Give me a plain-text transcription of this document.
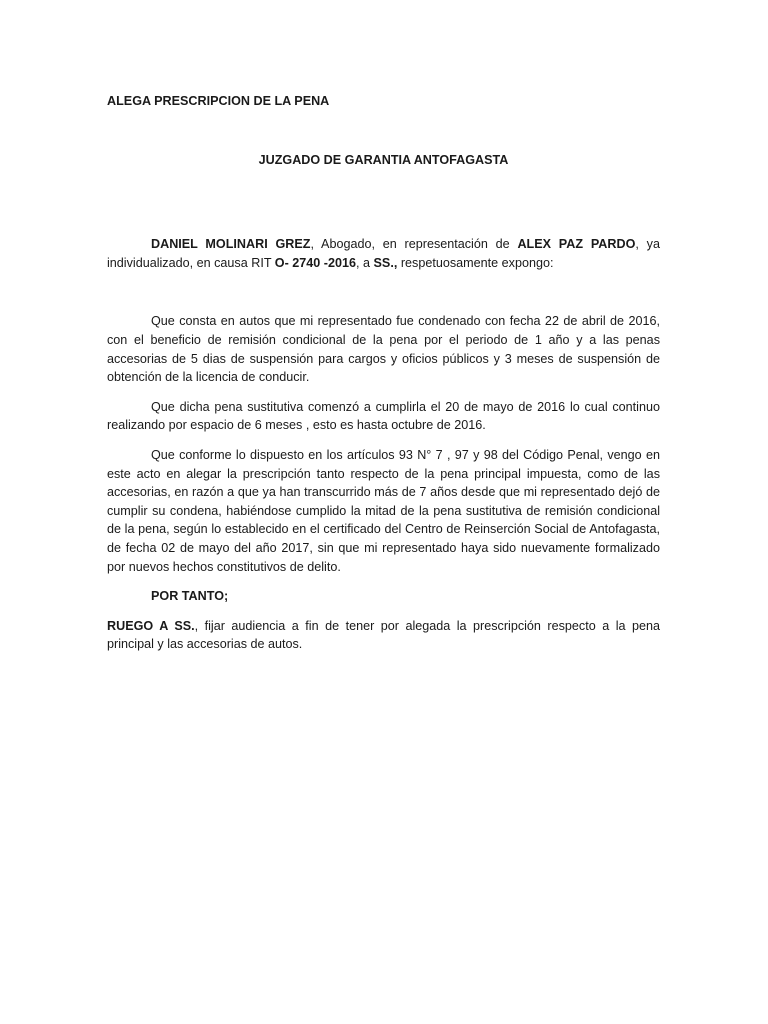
ALEGA PRESCRIPCION DE LA PENA

JUZGADO DE GARANTIA ANTOFAGASTA

DANIEL MOLINARI GREZ, Abogado, en representación de ALEX PAZ PARDO, ya individualizado, en causa RIT O- 2740 -2016, a SS., respetuosamente expongo:

Que consta en autos que mi representado fue condenado con fecha 22 de abril de 2016, con el beneficio de remisión condicional de la pena por el periodo de 1 año y a las penas accesorias de 5 dias de suspensión para cargos y oficios públicos y 3 meses de suspensión de obtención de la licencia de conducir.

Que dicha pena sustitutiva comenzó a cumplirla el 20 de mayo de 2016 lo cual continuo realizando por espacio de 6 meses , esto es hasta octubre de 2016.

Que conforme lo dispuesto en los artículos 93 N° 7 , 97 y 98 del Código Penal, vengo en este acto en alegar la prescripción tanto respecto de la pena principal impuesta, como de las accesorias, en razón a que ya han transcurrido más de 7 años desde que mi representado dejó de cumplir su condena, habiéndose cumplido la mitad de la pena sustitutiva de remisión condicional de la pena, según lo establecido en el certificado del Centro de Reinserción Social de Antofagasta, de fecha 02 de mayo del año 2017, sin que mi representado haya sido nuevamente formalizado por nuevos hechos constitutivos de delito.

POR TANTO;

RUEGO A SS., fijar audiencia a fin de tener por alegada la prescripción respecto a la pena principal y las accesorias de autos.
